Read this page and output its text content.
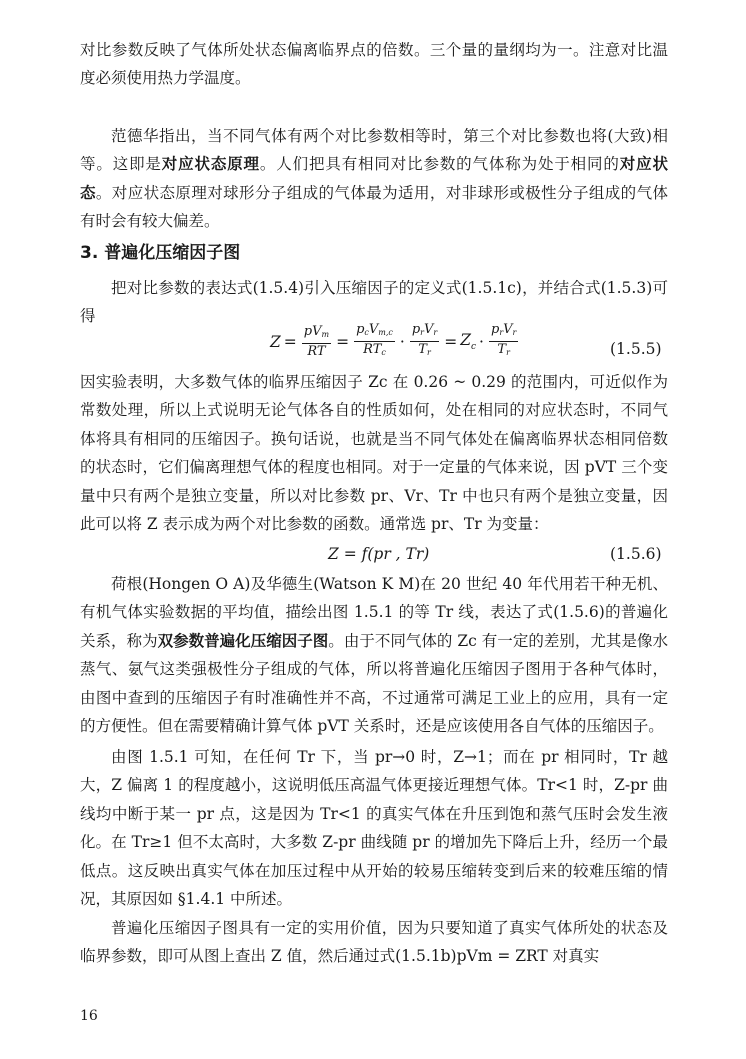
对比参数反映了气体所处状态偏离临界点的倍数。三个量的量纲均为一。注意对比温度必须使用热力学温度。

范德华指出，当不同气体有两个对比参数相等时，第三个对比参数也将(大致)相等。这即是对应状态原理。人们把具有相同对比参数的气体称为处于相同的对应状态。对应状态原理对球形分子组成的气体最为适用，对非球形或极性分子组成的气体有时会有较大偏差。

3. 普遍化压缩因子图

把对比参数的表达式(1.5.4)引入压缩因子的定义式(1.5.1c)，并结合式(1.5.3)可得

$Z = \frac{pV_m}{RT} = \frac{p_cV_{m,c}}{RT_c} \cdot \frac{p_rV_r}{T_r} = Z_c \cdot \frac{p_rV_r}{T_r}$	(1.5.5)

因实验表明，大多数气体的临界压缩因子 Zc 在 0.26 ~ 0.29 的范围内，可近似作为常数处理，所以上式说明无论气体各自的性质如何，处在相同的对应状态时，不同气体将具有相同的压缩因子。换句话说，也就是当不同气体处在偏离临界状态相同倍数的状态时，它们偏离理想气体的程度也相同。对于一定量的气体来说，因 pVT 三个变量中只有两个是独立变量，所以对比参数 pr、Vr、Tr 中也只有两个是独立变量，因此可以将 Z 表示成为两个对比参数的函数。通常选 pr、Tr 为变量：

Z = f(pr , Tr)	(1.5.6)

荷根(Hongen O A)及华德生(Watson K M)在 20 世纪 40 年代用若干种无机、有机气体实验数据的平均值，描绘出图 1.5.1 的等 Tr 线，表达了式(1.5.6)的普遍化关系，称为双参数普遍化压缩因子图。由于不同气体的 Zc 有一定的差别，尤其是像水蒸气、氨气这类强极性分子组成的气体，所以将普遍化压缩因子图用于各种气体时，由图中查到的压缩因子有时准确性并不高，不过通常可满足工业上的应用，具有一定的方便性。但在需要精确计算气体 pVT 关系时，还是应该使用各自气体的压缩因子。

由图 1.5.1 可知，在任何 Tr 下，当 pr→0 时，Z→1；而在 pr 相同时，Tr 越大，Z 偏离 1 的程度越小，这说明低压高温气体更接近理想气体。Tr<1 时，Z-pr 曲线均中断于某一 pr 点，这是因为 Tr<1 的真实气体在升压到饱和蒸气压时会发生液化。在 Tr≥1 但不太高时，大多数 Z-pr 曲线随 pr 的增加先下降后上升，经历一个最低点。这反映出真实气体在加压过程中从开始的较易压缩转变到后来的较难压缩的情况，其原因如 §1.4.1 中所述。

普遍化压缩因子图具有一定的实用价值，因为只要知道了真实气体所处的状态及临界参数，即可从图上查出 Z 值，然后通过式(1.5.1b)pVm = ZRT 对真实

16
